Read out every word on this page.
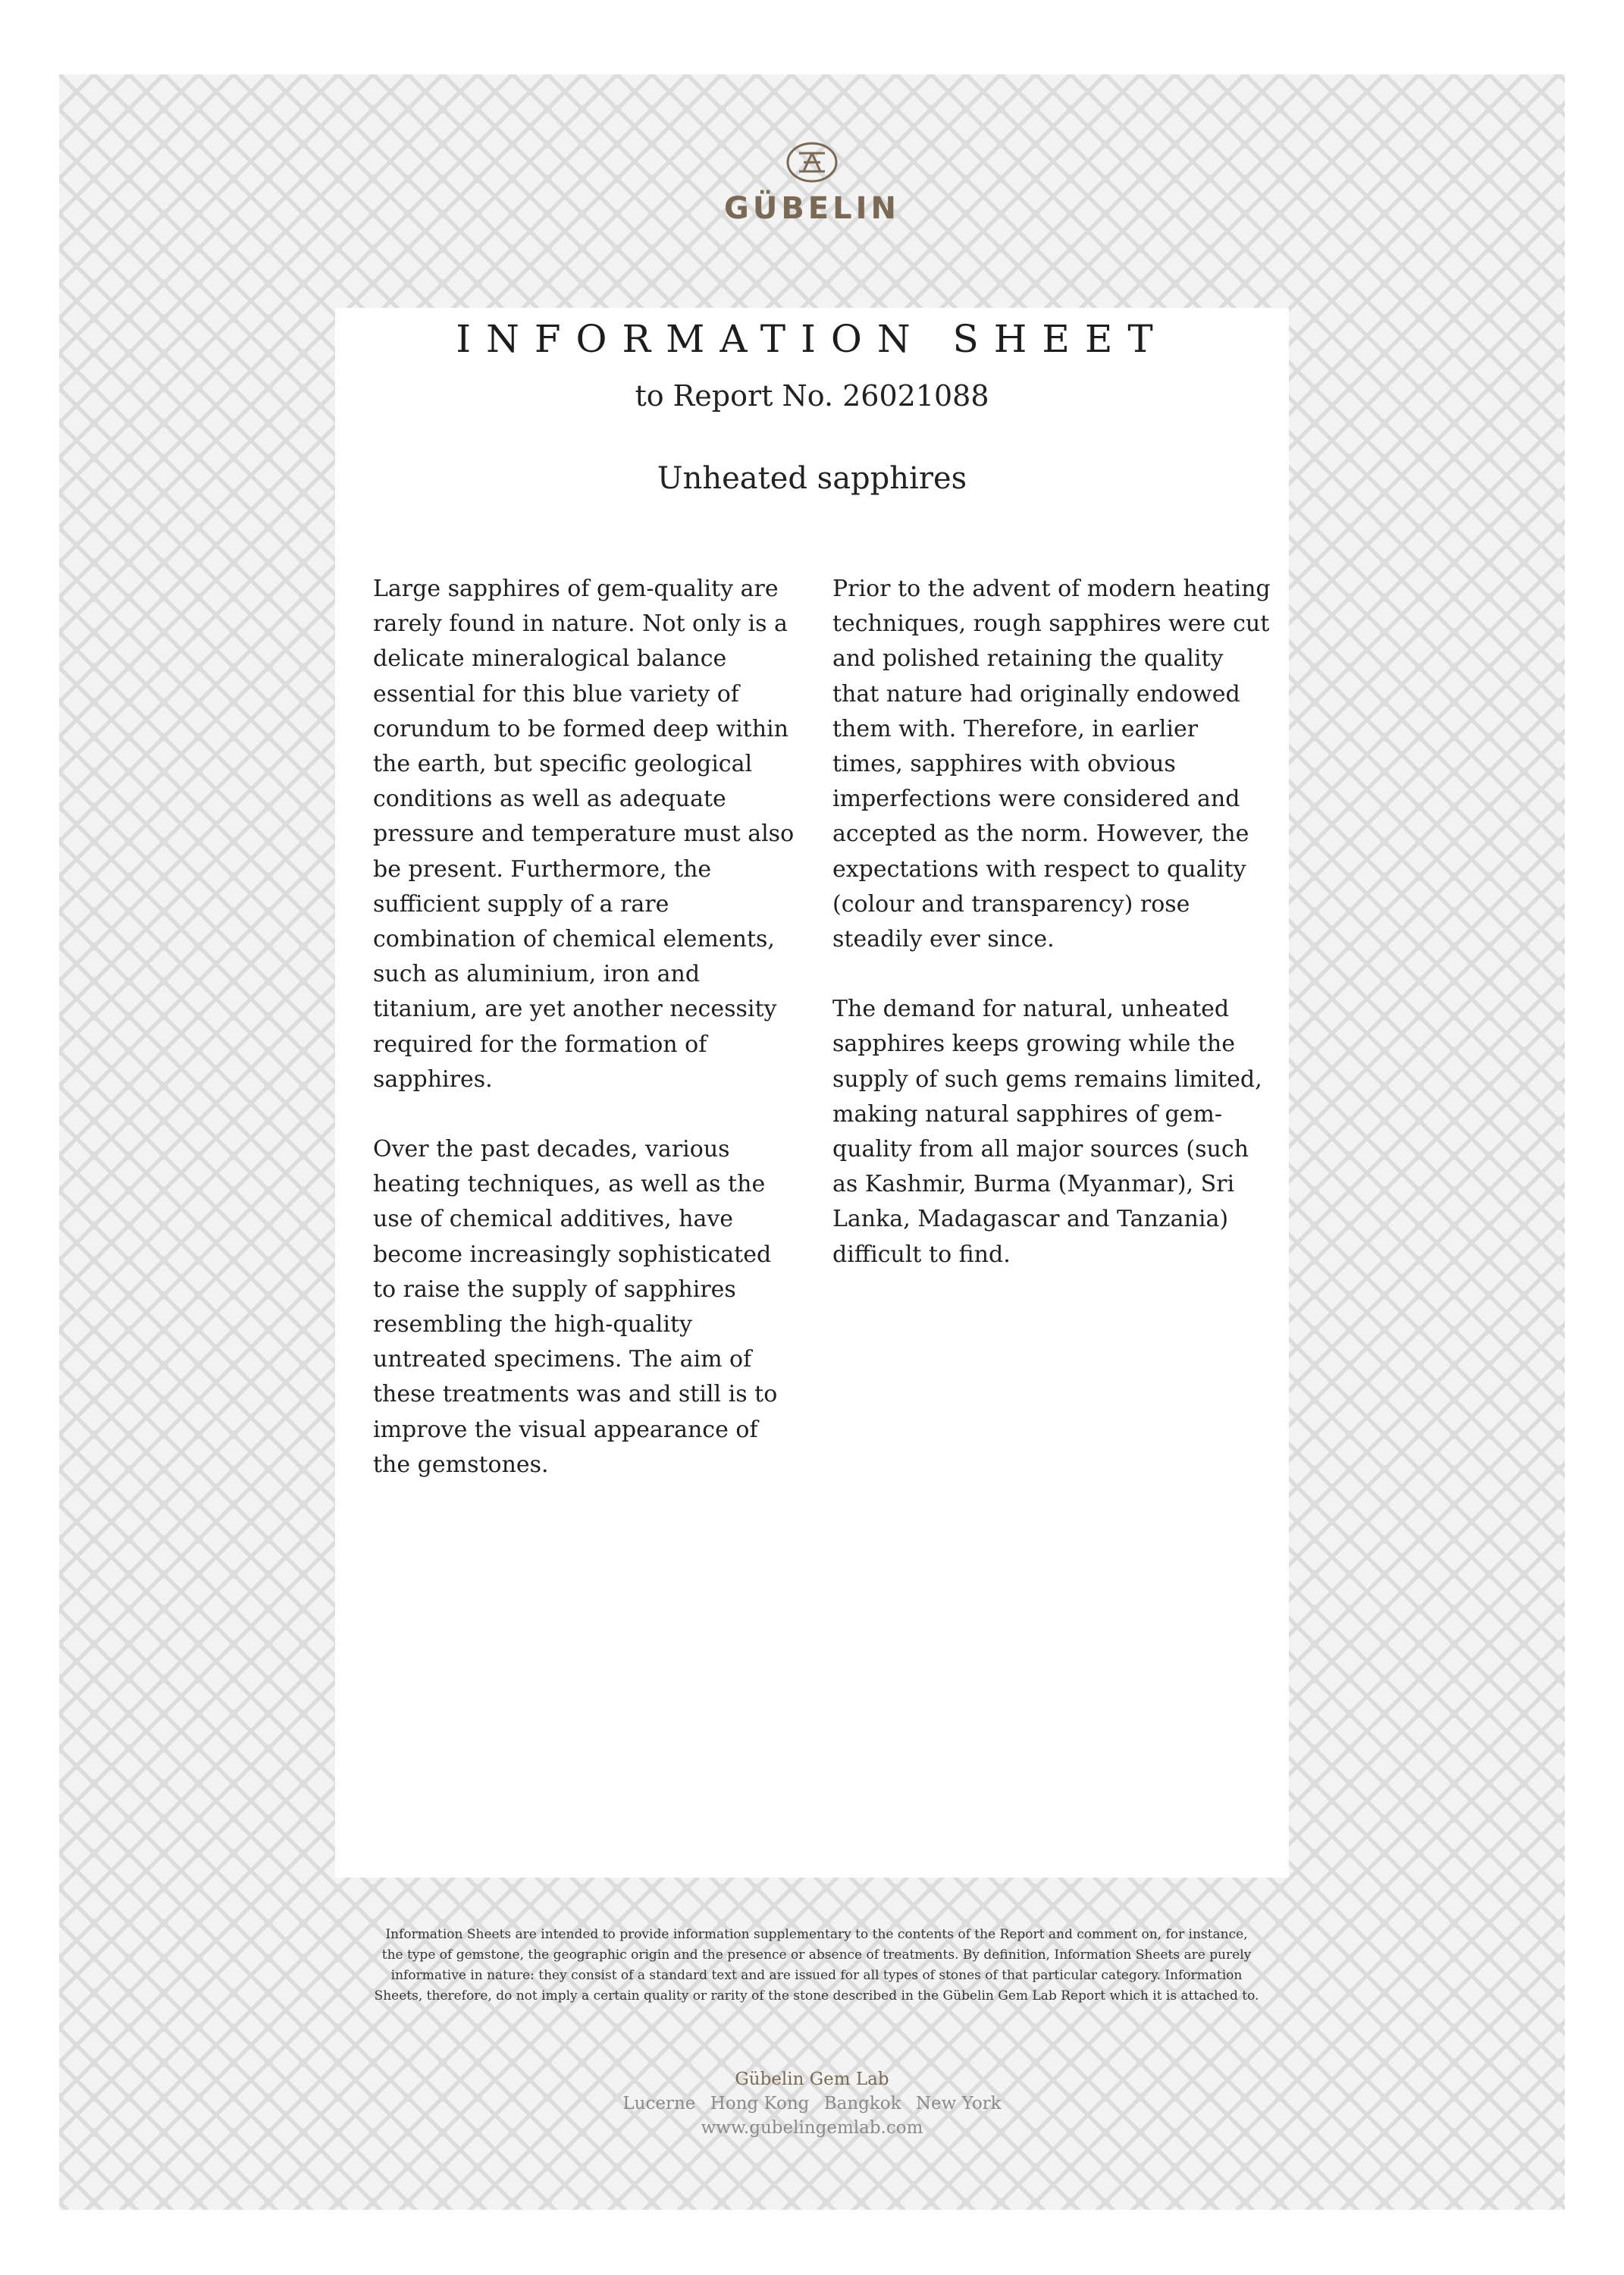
GÜBELIN
INFORMATION SHEET
to Report No. 26021088
Unheated sapphires

Large sapphires of gem-quality are rarely found in nature. Not only is a delicate mineralogical balance essential for this blue variety of corundum to be formed deep within the earth, but specific geological conditions as well as adequate pressure and temperature must also be present. Furthermore, the sufficient supply of a rare combination of chemical elements, such as aluminium, iron and titanium, are yet another necessity required for the formation of sapphires.

Over the past decades, various heating techniques, as well as the use of chemical additives, have become increasingly sophisticated to raise the supply of sapphires resembling the high-quality untreated specimens. The aim of these treatments was and still is to improve the visual appearance of the gemstones.

Prior to the advent of modern heating techniques, rough sapphires were cut and polished retaining the quality that nature had originally endowed them with. Therefore, in earlier times, sapphires with obvious imperfections were considered and accepted as the norm. However, the expectations with respect to quality (colour and transparency) rose steadily ever since.

The demand for natural, unheated sapphires keeps growing while the supply of such gems remains limited, making natural sapphires of gem-quality from all major sources (such as Kashmir, Burma (Myanmar), Sri Lanka, Madagascar and Tanzania) difficult to find.

Information Sheets are intended to provide information supplementary to the contents of the Report and comment on, for instance, the type of gemstone, the geographic origin and the presence or absence of treatments. By definition, Information Sheets are purely informative in nature: they consist of a standard text and are issued for all types of stones of that particular category. Information Sheets, therefore, do not imply a certain quality or rarity of the stone described in the Gübelin Gem Lab Report which it is attached to.
Gübelin Gem Lab
Lucerne Hong Kong Bangkok New York
www.gubelingemlab.com
